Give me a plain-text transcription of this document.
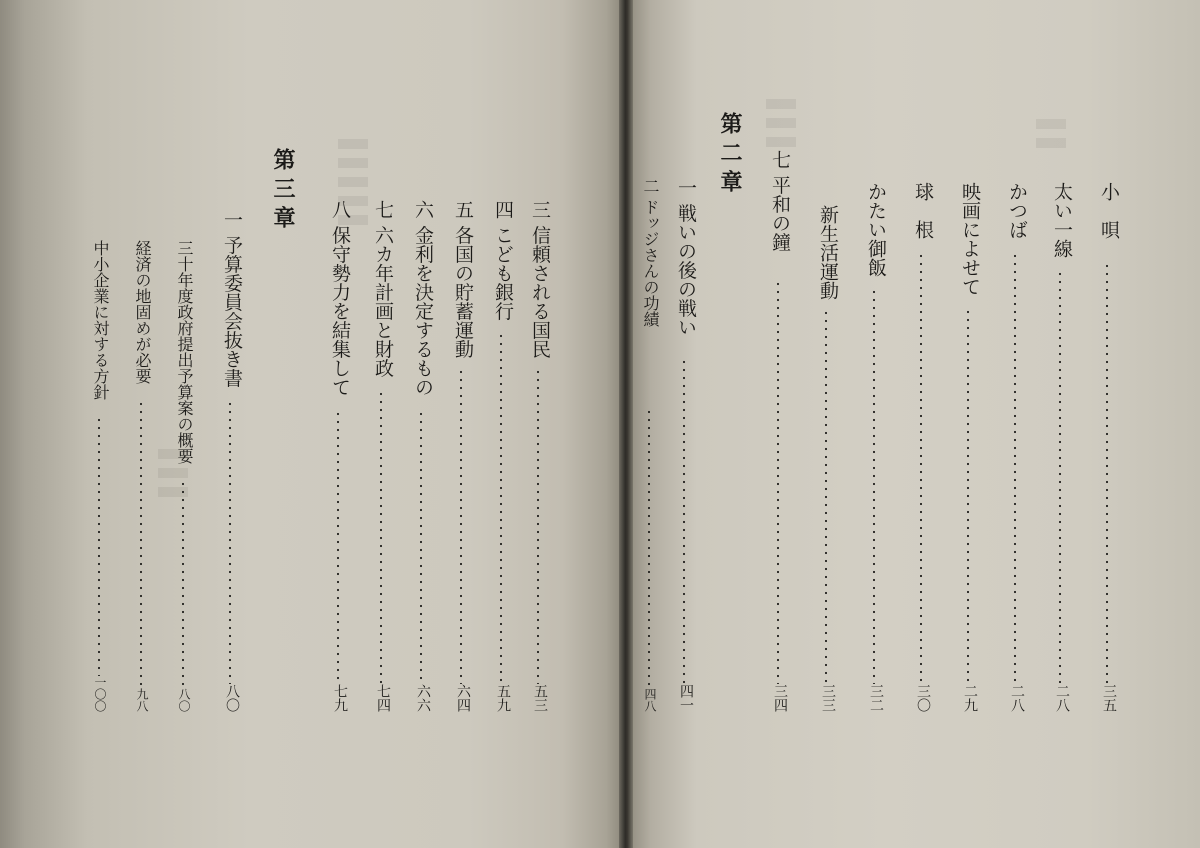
小　唄
三五
太い一線
二八
かつば
二八
映画によせて
二九
球　根
三〇
かたい御飯
三二
新生活運動
三三
七 平和の鐘
三四
第二章
一 戦いの後の戦い
四一
二 ドッジさんの功績
四八
三 信頼される国民
五三
四 こども銀行
五九
五 各国の貯蓄運動
六四
六 金利を決定するもの
六六
七 六カ年計画と財政
七四
八 保守勢力を結集して
七九
第三章
一 予算委員会抜き書
八〇
三十年度政府提出予算案の概要
八〇
経済の地固めが必要
九八
中小企業に対する方針
一〇〇
